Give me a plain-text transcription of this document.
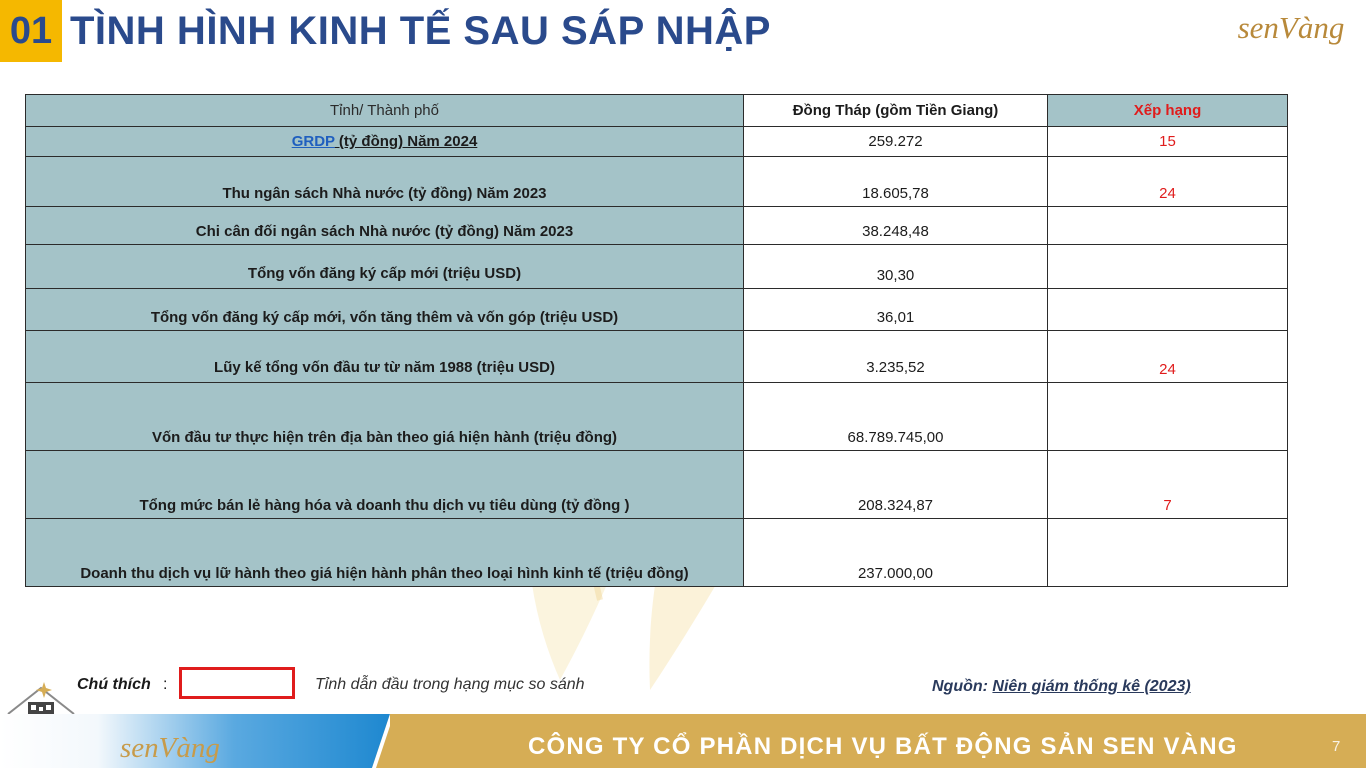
01 TÌNH HÌNH KINH TẾ SAU SÁP NHẬP	senVàng
Tỉnh/ Thành phố	Đồng Tháp (gồm Tiền Giang)	Xếp hạng
GRDP (tỷ đồng) Năm 2024	259.272	15
Thu ngân sách Nhà nước (tỷ đồng) Năm 2023	18.605,78	24
Chi cân đối ngân sách Nhà nước (tỷ đồng) Năm 2023	38.248,48	
Tổng vốn đăng ký cấp mới (triệu USD)	30,30	
Tổng vốn đăng ký cấp mới, vốn tăng thêm và vốn góp (triệu USD)	36,01	
Lũy kế tổng vốn đầu tư từ năm 1988 (triệu USD)	3.235,52	24
Vốn đầu tư thực hiện trên địa bàn theo giá hiện hành (triệu đồng)	68.789.745,00	
Tổng mức bán lẻ hàng hóa và doanh thu dịch vụ tiêu dùng (tỷ đồng )	208.324,87	7
Doanh thu dịch vụ lữ hành theo giá hiện hành phân theo loại hình kinh tế (triệu đồng)	237.000,00	
Chú thích :	Tỉnh dẫn đầu trong hạng mục so sánh	Nguồn: Niên giám thống kê (2023)
senVàng	CÔNG TY CỔ PHẦN DỊCH VỤ BẤT ĐỘNG SẢN SEN VÀNG	7
